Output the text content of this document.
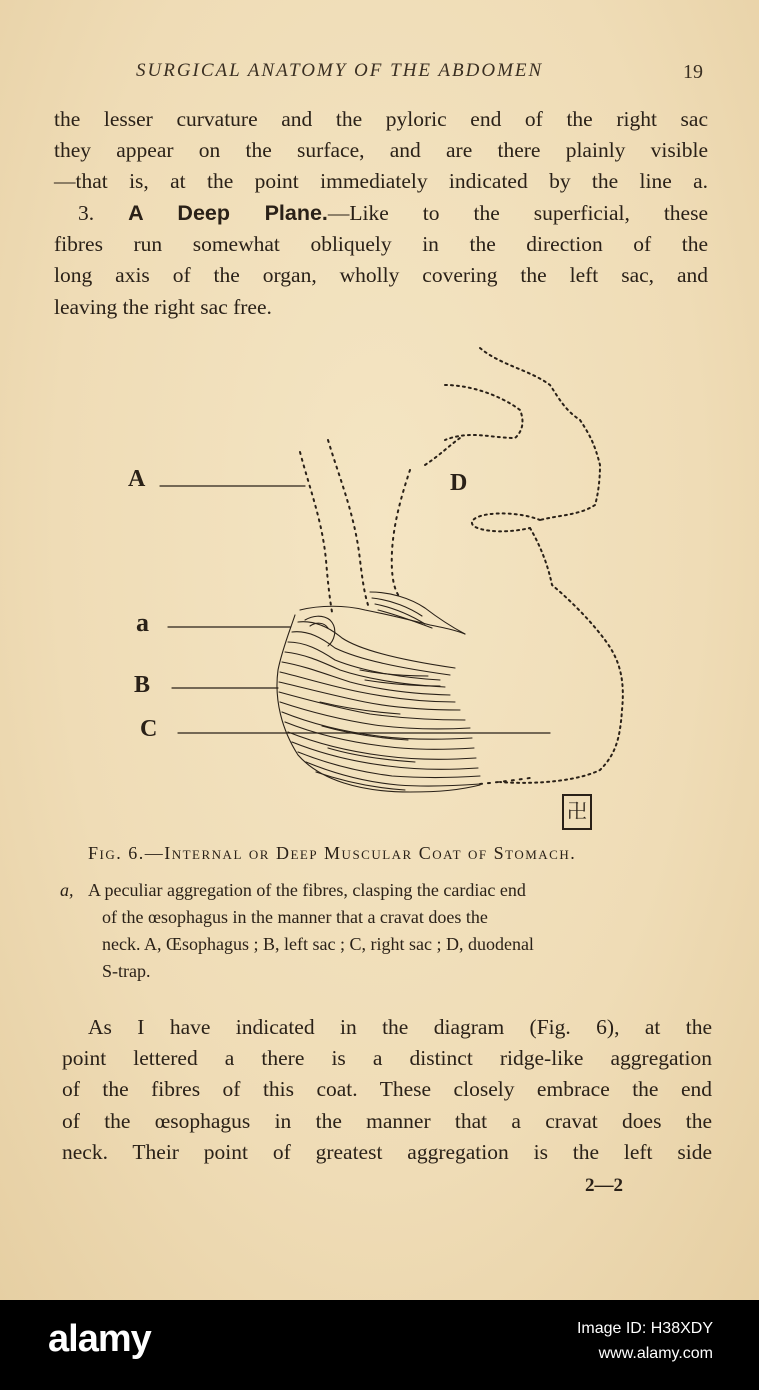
SURGICAL ANATOMY OF THE ABDOMEN	19
the lesser curvature and the pyloric end of the right sac
they appear on the surface, and are there plainly visible
—that is, at the point immediately indicated by the line a.
3. A Deep Plane.—Like to the superficial, these
fibres run somewhat obliquely in the direction of the
long axis of the organ, wholly covering the left sac, and
leaving the right sac free.
A	D
a
B
C
卍
Fig. 6.—Internal or Deep Muscular Coat of Stomach.
a, A peculiar aggregation of the fibres, clasping the cardiac end
of the œsophagus in the manner that a cravat does the
neck. A, Œsophagus ; B, left sac ; C, right sac ; D, duodenal
S-trap.
As I have indicated in the diagram (Fig. 6), at the
point lettered a there is a distinct ridge-like aggregation
of the fibres of this coat. These closely embrace the end
of the œsophagus in the manner that a cravat does the
neck. Their point of greatest aggregation is the left side
2—2
alamy	Image ID: H38XDY
www.alamy.com
